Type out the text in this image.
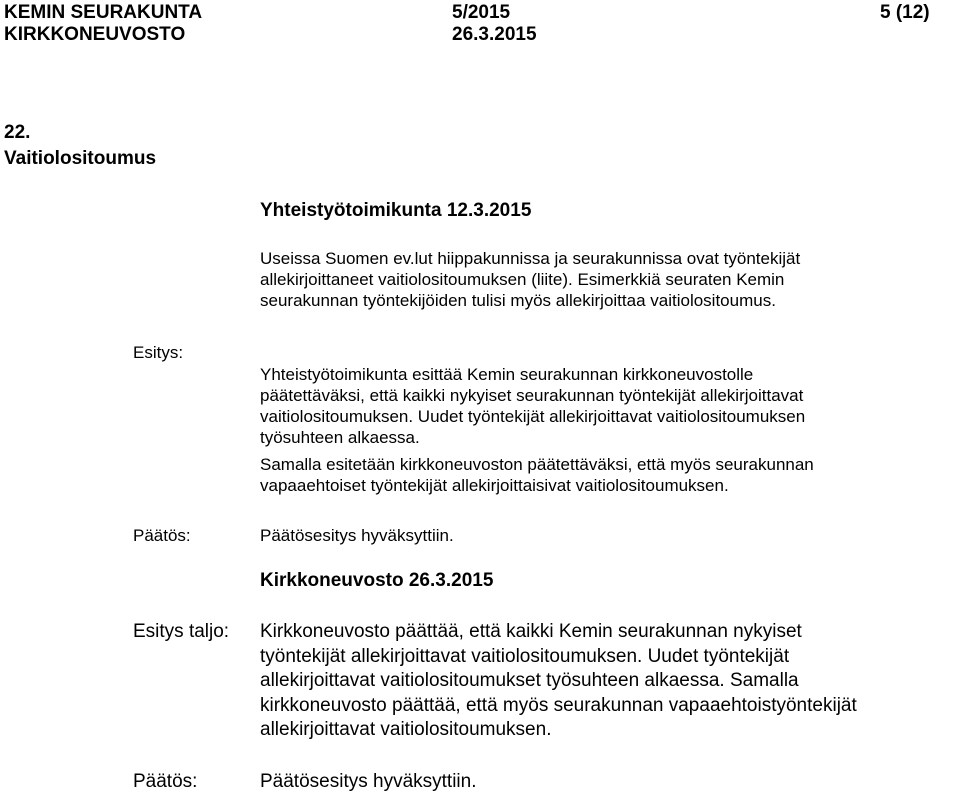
KEMIN SEURAKUNTA
KIRKKONEUVOSTO
5/2015
26.3.2015
5 (12)
22.
Vaitiolositoumus
Yhteistyötoimikunta 12.3.2015
Useissa Suomen ev.lut hiippakunnissa ja seurakunnissa ovat työntekijät
allekirjoittaneet vaitiolositoumuksen (liite). Esimerkkiä seuraten Kemin
seurakunnan työntekijöiden tulisi myös allekirjoittaa vaitiolositoumus.
Esitys:
Yhteistyötoimikunta esittää Kemin seurakunnan kirkkoneuvostolle
päätettäväksi, että kaikki nykyiset seurakunnan työntekijät allekirjoittavat
vaitiolositoumuksen. Uudet työntekijät allekirjoittavat vaitiolositoumuksen
työsuhteen alkaessa.
Samalla esitetään kirkkoneuvoston päätettäväksi, että myös seurakunnan
vapaaehtoiset työntekijät allekirjoittaisivat vaitiolositoumuksen.
Päätös:	Päätösesitys hyväksyttiin.
Kirkkoneuvosto 26.3.2015
Esitys taljo: Kirkkoneuvosto päättää, että kaikki Kemin seurakunnan nykyiset
työntekijät allekirjoittavat vaitiolositoumuksen. Uudet työntekijät
allekirjoittavat vaitiolositoumukset työsuhteen alkaessa. Samalla
kirkkoneuvosto päättää, että myös seurakunnan vapaaehtoistyöntekijät
allekirjoittavat vaitiolositoumuksen.
Päätös:	Päätösesitys hyväksyttiin.
